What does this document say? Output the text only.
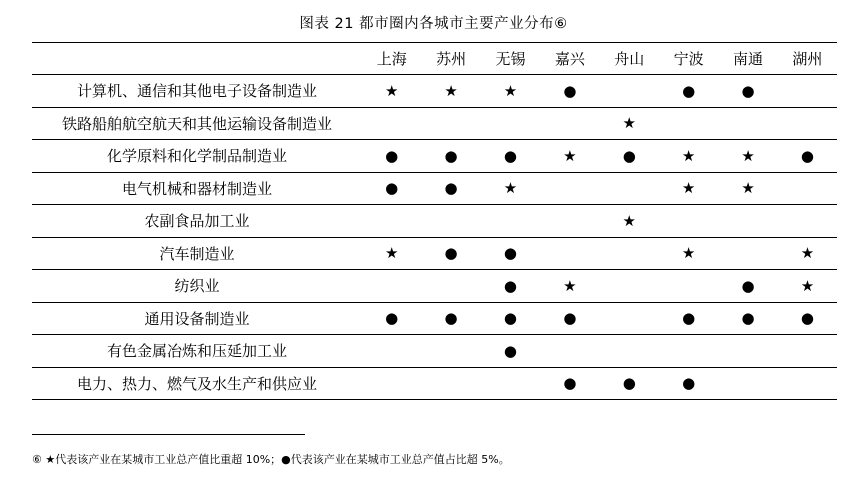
图表 21 都市圈内各城市主要产业分布⑥
	上海	苏州	无锡	嘉兴	舟山	宁波	南通	湖州
计算机、通信和其他电子设备制造业	★	★	★	●		●	●	
铁路船舶航空航天和其他运输设备制造业					★			
化学原料和化学制品制造业	●	●	●	★	●	★	★	●
电气机械和器材制造业	●	●	★			★	★	
农副食品加工业					★			
汽车制造业	★	●	●			★		★
纺织业			●	★			●	★
通用设备制造业	●	●	●	●		●	●	●
有色金属冶炼和压延加工业			●					
电力、热力、燃气及水生产和供应业				●	●	●		
⑥ ★代表该产业在某城市工业总产值比重超 10%；●代表该产业在某城市工业总产值占比超 5%。
